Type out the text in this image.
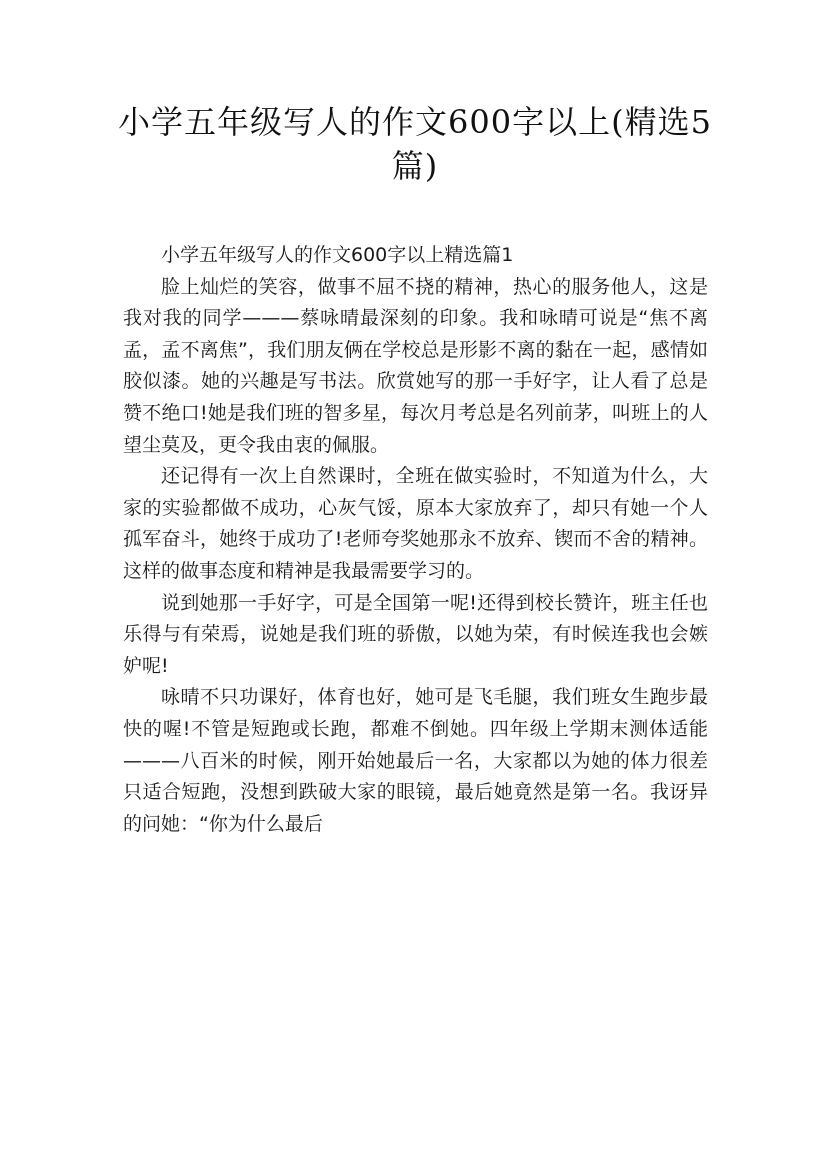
小学五年级写人的作文600字以上(精选5篇)

小学五年级写人的作文600字以上精选篇1

脸上灿烂的笑容，做事不屈不挠的精神，热心的服务他人，这是我对我的同学———蔡咏晴最深刻的印象。我和咏晴可说是“焦不离孟，孟不离焦”，我们朋友俩在学校总是形影不离的黏在一起，感情如胶似漆。她的兴趣是写书法。欣赏她写的那一手好字，让人看了总是赞不绝口!她是我们班的智多星，每次月考总是名列前茅，叫班上的人望尘莫及，更令我由衷的佩服。

还记得有一次上自然课时，全班在做实验时，不知道为什么，大家的实验都做不成功，心灰气馁，原本大家放弃了，却只有她一个人孤军奋斗，她终于成功了!老师夸奖她那永不放弃、锲而不舍的精神。这样的做事态度和精神是我最需要学习的。

说到她那一手好字，可是全国第一呢!还得到校长赞许，班主任也乐得与有荣焉，说她是我们班的骄傲，以她为荣，有时候连我也会嫉妒呢!

咏晴不只功课好，体育也好，她可是飞毛腿，我们班女生跑步最快的喔!不管是短跑或长跑，都难不倒她。四年级上学期末测体适能———八百米的时候，刚开始她最后一名，大家都以为她的体力很差只适合短跑，没想到跌破大家的眼镜，最后她竟然是第一名。我讶异的问她：“你为什么最后
